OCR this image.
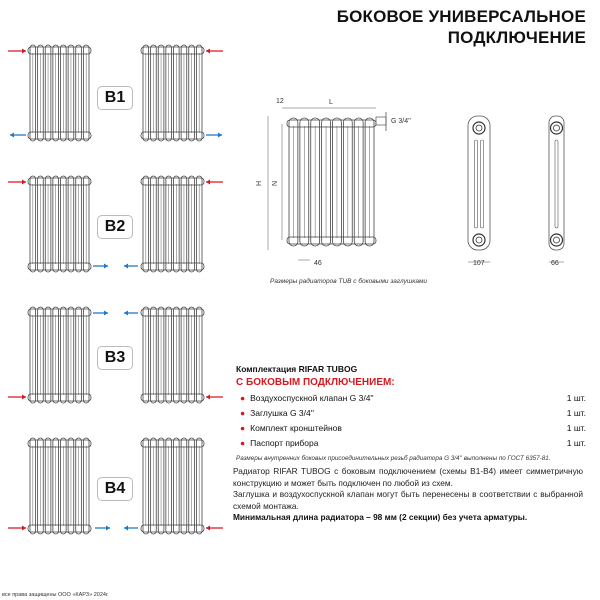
БОКОВОЕ УНИВЕРСАЛЬНОЕ
ПОДКЛЮЧЕНИЕ
B1
B2
B3
B4
12	L
G 3/4''
H N
46	107	66
Размеры радиаторов TUB с боковыми заглушками
Комплектация RIFAR TUBOG
С БОКОВЫМ ПОДКЛЮЧЕНИЕМ:
● Воздухоспускной клапан G 3/4''	1 шт.
● Заглушка G 3/4''	1 шт.
● Комплект кронштейнов	1 шт.
● Паспорт прибора	1 шт.
Размеры внутренних боковых присоединительных резьб радиатора G 3/4'' выполнены по ГОСТ 6357-81.
Радиатор RIFAR TUBOG с боковым подключением (схемы B1-B4) имеет симметричную конструкцию и может быть подключен по любой из схем.
Заглушка и воздухоспускной клапан могут быть перенесены в соответствии с выбранной схемой монтажа.
Минимальная длина радиатора – 98 мм (2 секции) без учета арматуры.
все права защищены ООО «КАРЗ» 2024г.
